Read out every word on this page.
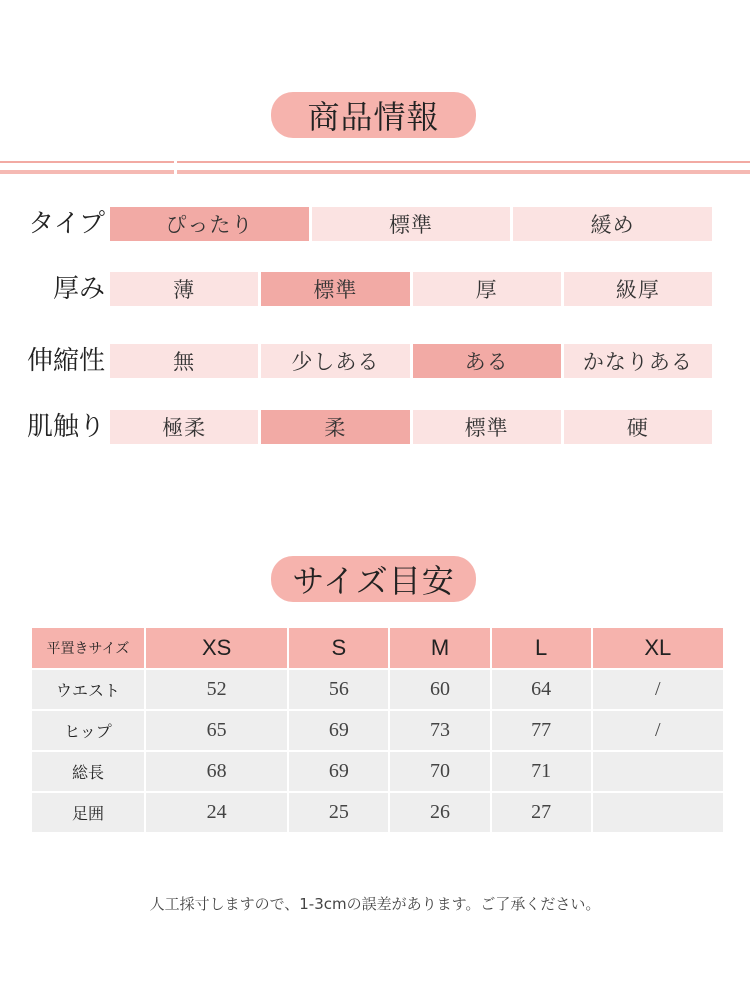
商品情報
タイプ	ぴったり	標準	緩め
厚み	薄	標準	厚	級厚
伸縮性	無	少しある	ある	かなりある
肌触り	極柔	柔	標準	硬
サイズ目安
平置きサイズ	XS	S	M	L	XL
ウエスト	52	56	60	64	/
ヒップ	65	69	73	77	/
総長	68	69	70	71	
足囲	24	25	26	27	
人工採寸しますので、1-3cmの誤差があります。ご了承ください。
